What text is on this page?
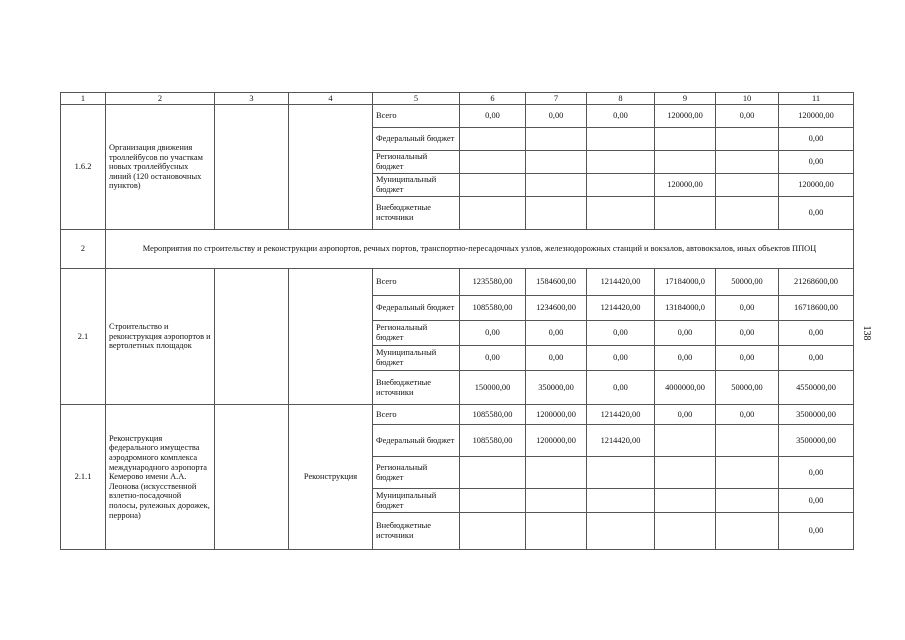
1	2	3	4	5	6	7	8	9	10	11
1.6.2	Организация движения троллейбусов по участкам новых троллейбусных линий (120 остановочных пунктов)			Всего	0,00	0,00	0,00	120000,00	0,00	120000,00
				Федеральный бюджет						0,00
				Региональный бюджет						0,00
				Муниципальный бюджет				120000,00		120000,00
				Внебюджетные источники						0,00
2	Мероприятия по строительству и реконструкции аэропортов, речных портов, транспортно-пересадочных узлов, железнодорожных станций и вокзалов, автовокзалов, иных объектов ППОЦ									
2.1	Строительство и реконструкция аэропортов и вертолетных площадок			Всего	1235580,00	1584600,00	1214420,00	17184000,0	50000,00	21268600,00
				Федеральный бюджет	1085580,00	1234600,00	1214420,00	13184000,0	0,00	16718600,00
				Региональный бюджет	0,00	0,00	0,00	0,00	0,00	0,00
				Муниципальный бюджет	0,00	0,00	0,00	0,00	0,00	0,00
				Внебюджетные источники	150000,00	350000,00	0,00	4000000,00	50000,00	4550000,00
2.1.1	Реконструкция федерального имущества аэродромного комплекса международного аэропорта Кемерово имени А.А. Леонова (искусственной взлетно-посадочной полосы, рулежных дорожек, перрона)		Реконструкция	Всего	1085580,00	1200000,00	1214420,00	0,00	0,00	3500000,00
				Федеральный бюджет	1085580,00	1200000,00	1214420,00			3500000,00
				Региональный бюджет						0,00
				Муниципальный бюджет						0,00
				Внебюджетные источники						0,00
138
